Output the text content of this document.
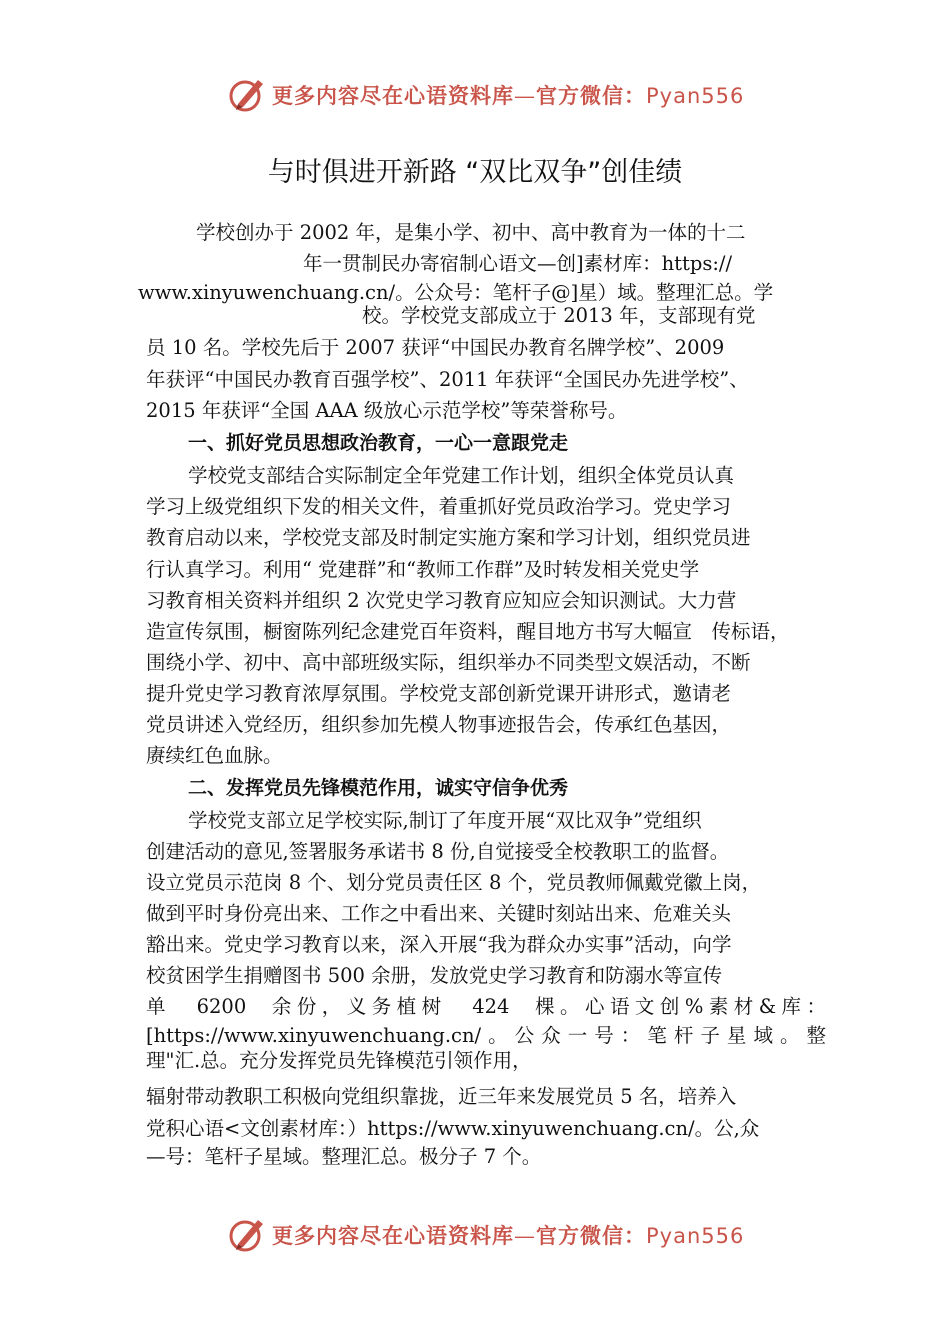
更多内容尽在心语资料库—官方微信：Pyan556
与时俱进开新路 “双比双争”创佳绩
学校创办于 2002 年，是集小学、初中、高中教育为一体的十二
年一贯制民办寄宿制心语文—创]素材库：https://
www.xinyuwenchuang.cn/。公众号：笔杆子@]星）域。整理汇总。学
校。学校党支部成立于 2013 年，支部现有党
员 10 名。学校先后于 2007 获评“中国民办教育名牌学校”、2009
年获评“中国民办教育百强学校”、2011 年获评“全国民办先进学校”、
2015 年获评“全国 AAA 级放心示范学校”等荣誉称号。
一、抓好党员思想政治教育，一心一意跟党走
学校党支部结合实际制定全年党建工作计划，组织全体党员认真
学习上级党组织下发的相关文件，着重抓好党员政治学习。党史学习
教育启动以来，学校党支部及时制定实施方案和学习计划，组织党员进
行认真学习。利用“ 党建群”和“教师工作群”及时转发相关党史学
习教育相关资料并组织 2 次党史学习教育应知应会知识测试。大力营
造宣传氛围，橱窗陈列纪念建党百年资料，醒目地方书写大幅宣　传标语，
围绕小学、初中、高中部班级实际，组织举办不同类型文娱活动，不断
提升党史学习教育浓厚氛围。学校党支部创新党课开讲形式，邀请老
党员讲述入党经历，组织参加先模人物事迹报告会，传承红色基因，
赓续红色血脉。
二、发挥党员先锋模范作用，诚实守信争优秀
学校党支部立足学校实际,制订了年度开展“双比双争”党组织
创建活动的意见,签署服务承诺书 8 份,自觉接受全校教职工的监督。
设立党员示范岗 8 个、划分党员责任区 8 个，党员教师佩戴党徽上岗，
做到平时身份亮出来、工作之中看出来、关键时刻站出来、危难关头
豁出来。党史学习教育以来，深入开展“我为群众办实事”活动，向学
校贫困学生捐赠图书 500 余册，发放党史学习教育和防溺水等宣传
单 6200 余份，义务植树 424 棵。心语文创%素材&库：
[https://www.xinyuwenchuang.cn/。公众一号：笔杆子星域。整
理"汇.总。充分发挥党员先锋模范引领作用，
辐射带动教职工积极向党组织靠拢，近三年来发展党员 5 名，培养入
党积心语<文创素材库：）https://www.xinyuwenchuang.cn/。公,众
—号：笔杆子星域。整理汇总。极分子 7 个。
更多内容尽在心语资料库—官方微信：Pyan556
